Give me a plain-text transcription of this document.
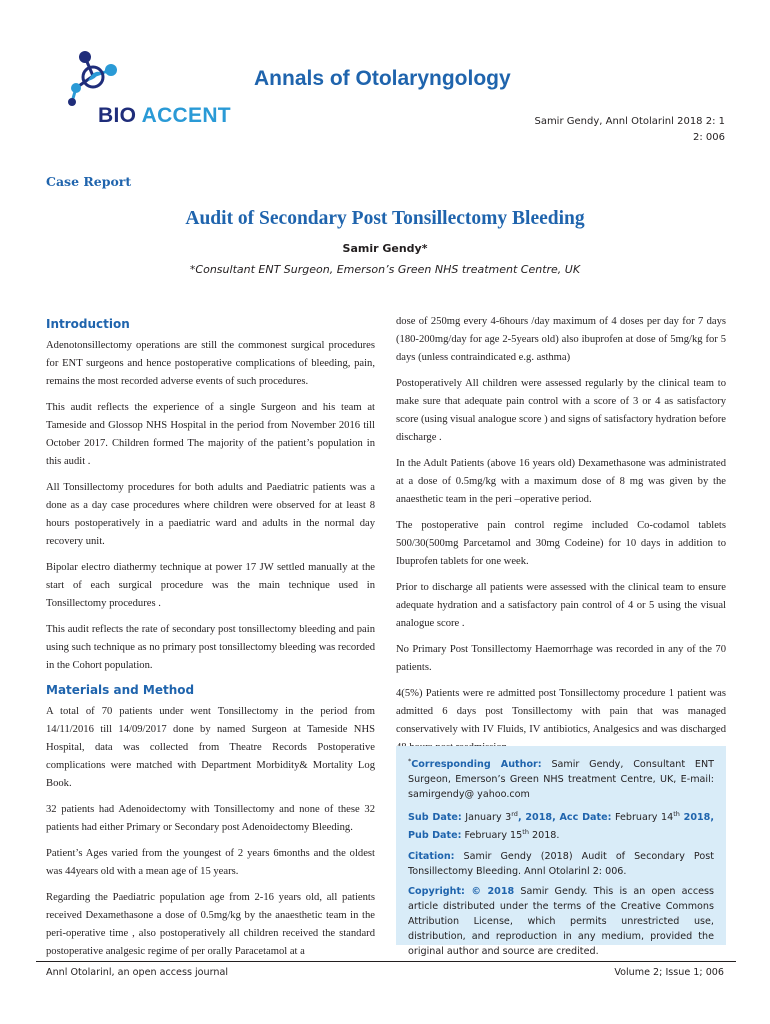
BIO ACCENT
Annals of Otolaryngology
Samir Gendy, Annl Otolarinl 2018 2: 1
2: 006
Case Report
Audit of Secondary Post Tonsillectomy Bleeding
Samir Gendy*
*Consultant ENT Surgeon, Emerson’s Green NHS treatment Centre, UK
Introduction

Adenotonsillectomy operations are still the commonest surgical procedures for ENT surgeons and hence postoperative complications of bleeding, pain, remains the most recorded adverse events of such procedures.

This audit reflects the experience of a single Surgeon and his team at Tameside and Glossop NHS Hospital in the period from November 2016 till October 2017. Children formed The majority of the patient’s population in this audit .

All Tonsillectomy procedures for both adults and Paediatric patients was a done as a day case procedures where children were observed for at least 8 hours postoperatively in a paediatric ward and adults in the normal day recovery unit.

Bipolar electro diathermy technique at power 17 JW settled manually at the start of each surgical procedure was the main technique used in Tonsillectomy procedures .

This audit reflects the rate of secondary post tonsillectomy bleeding and pain using such technique as no primary post tonsillectomy bleeding was recorded in the Cohort population.

Materials and Method

A total of 70 patients under went Tonsillectomy in the period from 14/11/2016 till 14/09/2017 done by named Surgeon at Tameside NHS Hospital, data was collected from Theatre Records Postoperative complications were matched with Department Morbidity& Mortality Log Book.

32 patients had Adenoidectomy with Tonsillectomy and none of these 32 patients had either Primary or Secondary post Adenoidectomy Bleeding.

Patient’s Ages varied from the youngest of 2 years 6months and the oldest was 44years old with a mean age of 15 years.

Regarding the Paediatric population age from 2-16 years old, all patients received Dexamethasone a dose of 0.5mg/kg by the anaesthetic team in the peri-operative time , also postoperatively all children received the standard postoperative analgesic regime of per orally Paracetamol at a

dose of 250mg every 4-6hours /day maximum of 4 doses per day for 7 days (180-200mg/day for age 2-5years old) also ibuprofen at dose of 5mg/kg for 5 days (unless contraindicated e.g. asthma)

Postoperatively All children were assessed regularly by the clinical team to make sure that adequate pain control with a score of 3 or 4 as satisfactory score (using visual analogue score ) and signs of satisfactory hydration before discharge .

In the Adult Patients (above 16 years old) Dexamethasone was administrated at a dose of 0.5mg/kg with a maximum dose of 8 mg was given by the anaesthetic team in the peri –operative period.

The postoperative pain control regime included Co-codamol tablets 500/30(500mg Parcetamol and 30mg Codeine) for 10 days in addition to Ibuprofen tablets for one week.

Prior to discharge all patients were assessed with the clinical team to ensure adequate hydration and a satisfactory pain control of 4 or 5 using the visual analogue score .

No Primary Post Tonsillectomy Haemorrhage was recorded in any of the 70 patients.

4(5%) Patients were re admitted post Tonsillectomy procedure 1 patient was admitted 6 days post Tonsillectomy with pain that was managed conservatively with IV Fluids, IV antibiotics, Analgesics and was discharged

*Corresponding Author: Samir Gendy, Consultant ENT Surgeon, Emerson’s Green NHS treatment Centre, UK, E-mail: samirgendy@ yahoo.com

Sub Date: January 3rd, 2018, Acc Date: February 14th 2018, Pub Date: February 15th 2018.

Citation: Samir Gendy (2018) Audit of Secondary Post Tonsillectomy Bleeding. Annl Otolarinl 2: 006.

Copyright: © 2018 Samir Gendy. This is an open access article distributed under the terms of the Creative Commons Attribution License, which permits unrestricted use, distribution, and reproduction in any medium, provided the original author and source are credited.

Annl Otolarinl, an open access journal	Volume 2; Issue 1; 006
